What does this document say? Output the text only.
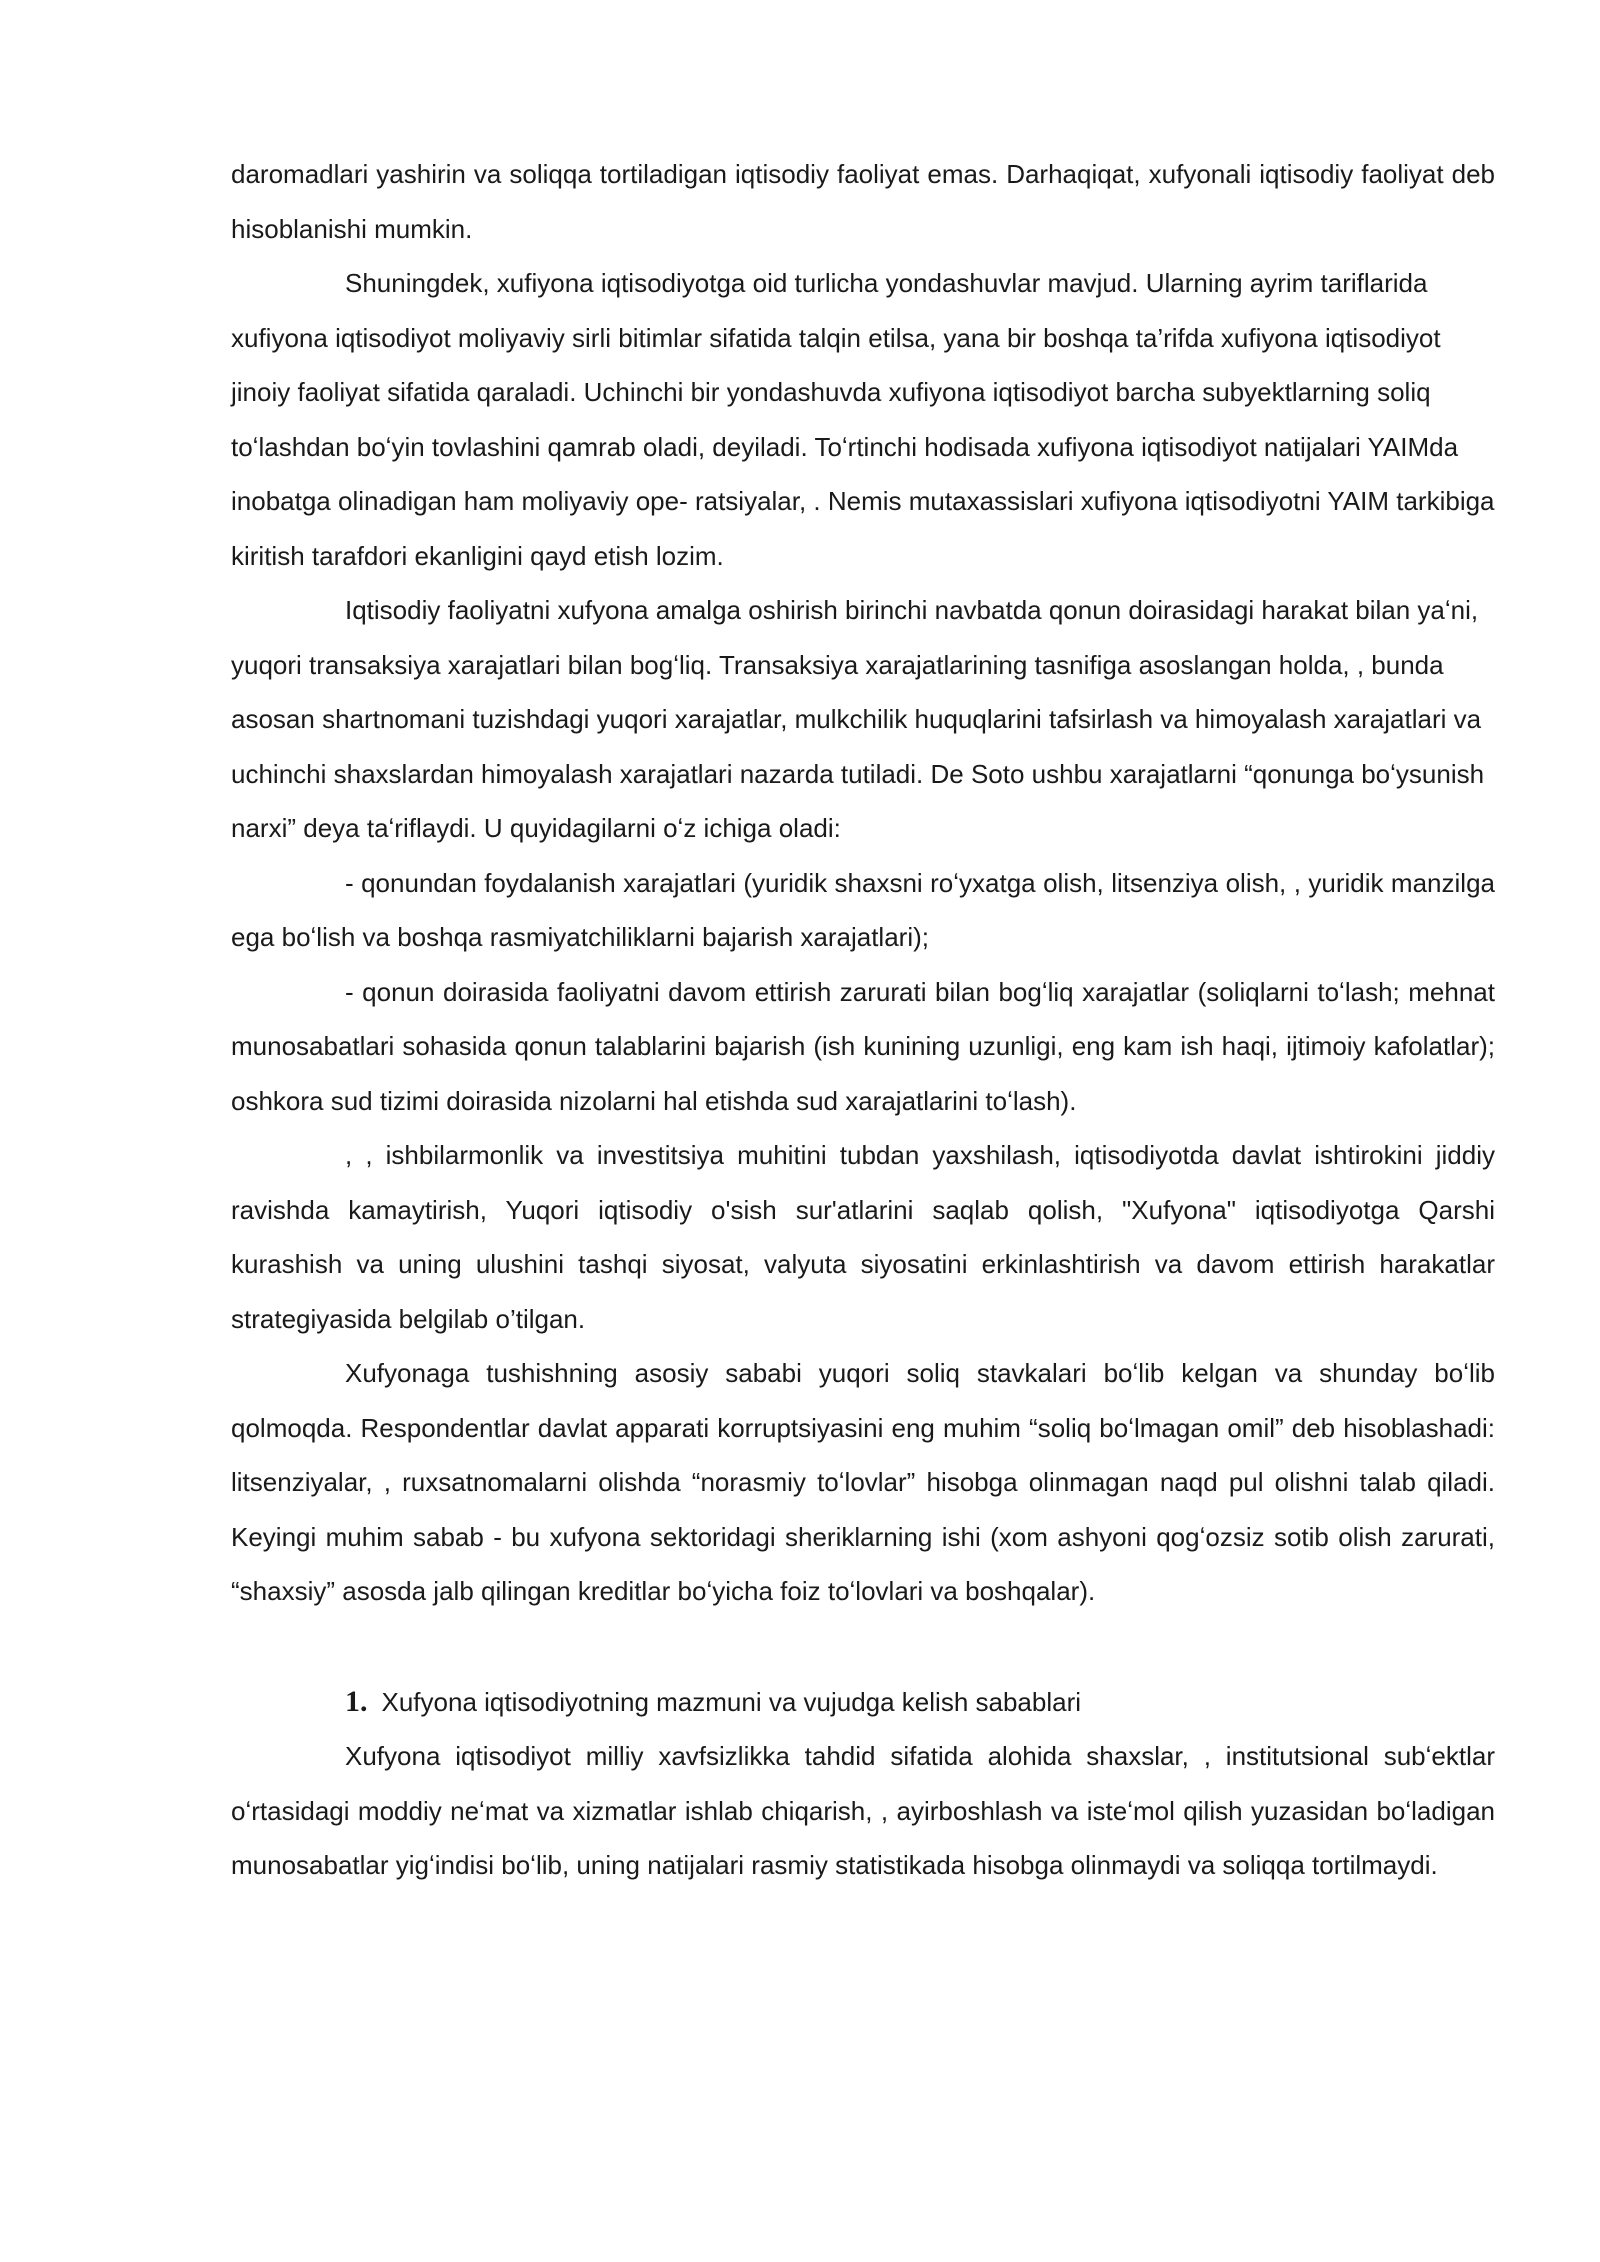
daromadlari yashirin va soliqqa tortiladigan iqtisodiy faoliyat emas. Darhaqiqat, xufyonali iqtisodiy faoliyat deb hisoblanishi mumkin.

Shuningdek, xufiyona iqtisodiyotga oid turlicha yondashuvlar mavjud. Ularning ayrim tariflarida xufiyona iqtisodiyot moliyaviy sirli bitimlar sifatida talqin etilsa, yana bir boshqa ta’rifda xufiyona iqtisodiyot jinoiy faoliyat sifatida qaraladi. Uchinchi bir yondashuvda xufiyona iqtisodiyot barcha subyektlarning soliq toʻlashdan boʻyin tovlashini qamrab oladi, deyiladi. Toʻrtinchi hodisada xufiyona iqtisodiyot natijalari YAIMda inobatga olinadigan ham moliyaviy ope- ratsiyalar, . Nemis mutaxassislari xufiyona iqtisodiyotni YAIM tarkibiga kiritish tarafdori ekanligini qayd etish lozim.

Iqtisodiy faoliyatni xufyona amalga oshirish birinchi navbatda qonun doirasidagi harakat bilan yaʻni, yuqori transaksiya xarajatlari bilan bogʻliq. Transaksiya xarajatlarining tasnifiga asoslangan holda, , bunda asosan shartnomani tuzishdagi yuqori xarajatlar, mulkchilik huquqlarini tafsirlash va himoyalash xarajatlari va uchinchi shaxslardan himoyalash xarajatlari nazarda tutiladi. De Soto ushbu xarajatlarni “qonunga boʻysunish narxi” deya taʻriflaydi. U quyidagilarni oʻz ichiga oladi:

- qonundan foydalanish xarajatlari (yuridik shaxsni roʻyxatga olish, litsenziya olish, , yuridik manzilga ega boʻlish va boshqa rasmiyatchiliklarni bajarish xarajatlari);

- qonun doirasida faoliyatni davom ettirish zarurati bilan bogʻliq xarajatlar (soliqlarni toʻlash; mehnat munosabatlari sohasida qonun talablarini bajarish (ish kunining uzunligi, eng kam ish haqi, ijtimoiy kafolatlar); oshkora sud tizimi doirasida nizolarni hal etishda sud xarajatlarini toʻlash).

, , ishbilarmonlik va investitsiya muhitini tubdan yaxshilash, iqtisodiyotda davlat ishtirokini jiddiy ravishda kamaytirish, Yuqori iqtisodiy o'sish sur'atlarini saqlab qolish, "Xufyona" iqtisodiyotga Qarshi kurashish va uning ulushini tashqi siyosat, valyuta siyosatini erkinlashtirish va davom ettirish harakatlar strategiyasida belgilab o’tilgan.

Xufyonaga tushishning asosiy sababi yuqori soliq stavkalari boʻlib kelgan va shunday boʻlib qolmoqda. Respondentlar davlat apparati korruptsiyasini eng muhim “soliq boʻlmagan omil” deb hisoblashadi: litsenziyalar, , ruxsatnomalarni olishda “norasmiy toʻlovlar” hisobga olinmagan naqd pul olishni talab qiladi. Keyingi muhim sabab - bu xufyona sektoridagi sheriklarning ishi (xom ashyoni qogʻozsiz sotib olish zarurati, “shaxsiy” asosda jalb qilingan kreditlar boʻyicha foiz toʻlovlari va boshqalar).

1. Xufyona iqtisodiyotning mazmuni va vujudga kelish sabablari

Xufyona iqtisodiyot milliy xavfsizlikka tahdid sifatida alohida shaxslar, , institutsional subʻektlar oʻrtasidagi moddiy neʻmat va xizmatlar ishlab chiqarish, , ayirboshlash va isteʻmol qilish yuzasidan boʻladigan munosabatlar yigʻindisi boʻlib, uning natijalari rasmiy statistikada hisobga olinmaydi va soliqqa tortilmaydi.
